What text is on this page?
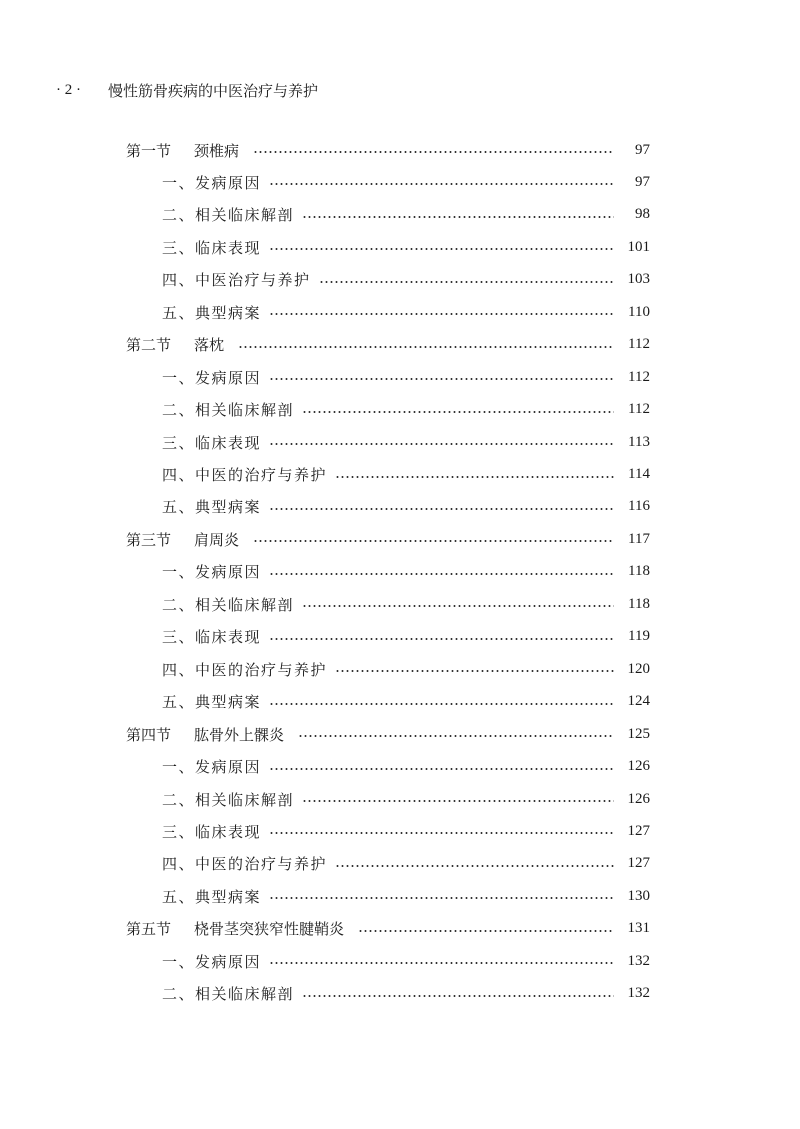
· 2 ·	慢性筋骨疾病的中医治疗与养护
第一节	颈椎病	97
一、发病原因	97
二、相关临床解剖	98
三、临床表现	101
四、中医治疗与养护	103
五、典型病案	110
第二节	落枕	112
一、发病原因	112
二、相关临床解剖	112
三、临床表现	113
四、中医的治疗与养护	114
五、典型病案	116
第三节	肩周炎	117
一、发病原因	118
二、相关临床解剖	118
三、临床表现	119
四、中医的治疗与养护	120
五、典型病案	124
第四节	肱骨外上髁炎	125
一、发病原因	126
二、相关临床解剖	126
三、临床表现	127
四、中医的治疗与养护	127
五、典型病案	130
第五节	桡骨茎突狭窄性腱鞘炎	131
一、发病原因	132
二、相关临床解剖	132
